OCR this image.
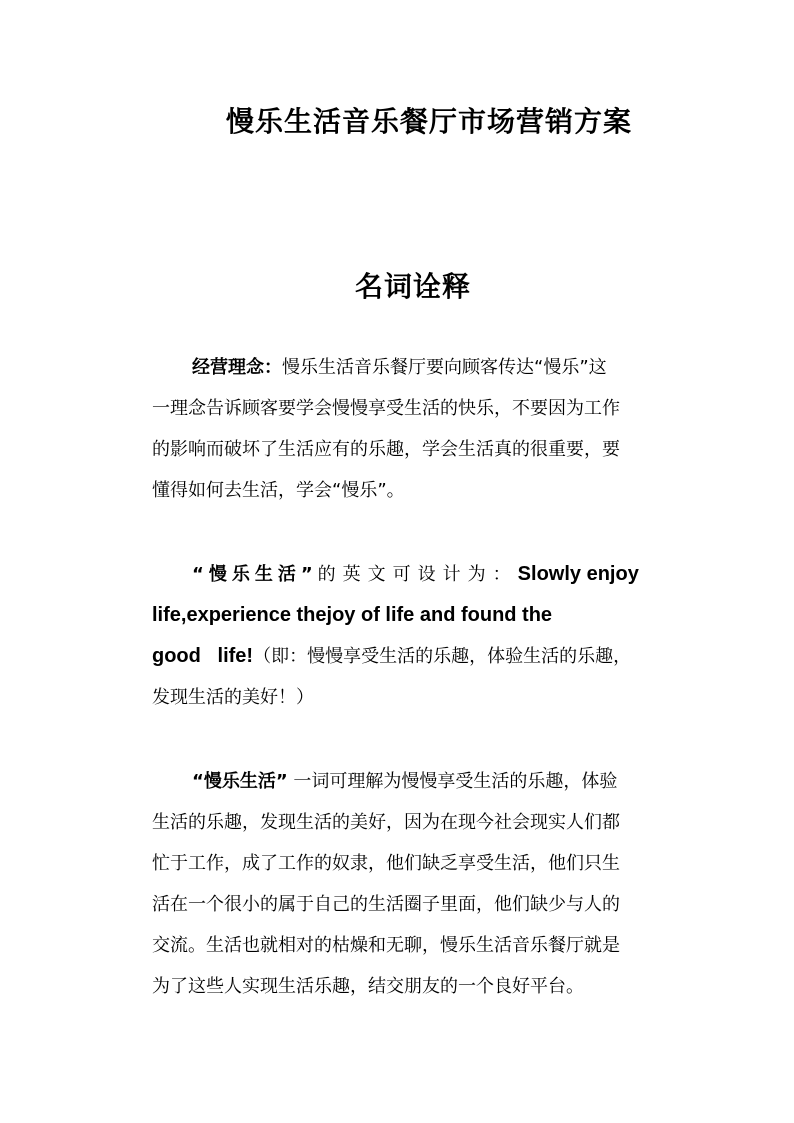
慢乐生活音乐餐厅市场营销方案
名词诠释
经营理念：慢乐生活音乐餐厅要向顾客传达“慢乐”这
一理念告诉顾客要学会慢慢享受生活的快乐，不要因为工作
的影响而破坏了生活应有的乐趣，学会生活真的很重要，要
懂得如何去生活，学会“慢乐”。
“慢乐生活”的英文可设计为：Slowly enjoy
life,experience thejoy of life and found the
good   life!（即：慢慢享受生活的乐趣，体验生活的乐趣，
发现生活的美好！）
“慢乐生活” 一词可理解为慢慢享受生活的乐趣，体验
生活的乐趣，发现生活的美好，因为在现今社会现实人们都
忙于工作，成了工作的奴隶，他们缺乏享受生活，他们只生
活在一个很小的属于自己的生活圈子里面，他们缺少与人的
交流。生活也就相对的枯燥和无聊，慢乐生活音乐餐厅就是
为了这些人实现生活乐趣，结交朋友的一个良好平台。
